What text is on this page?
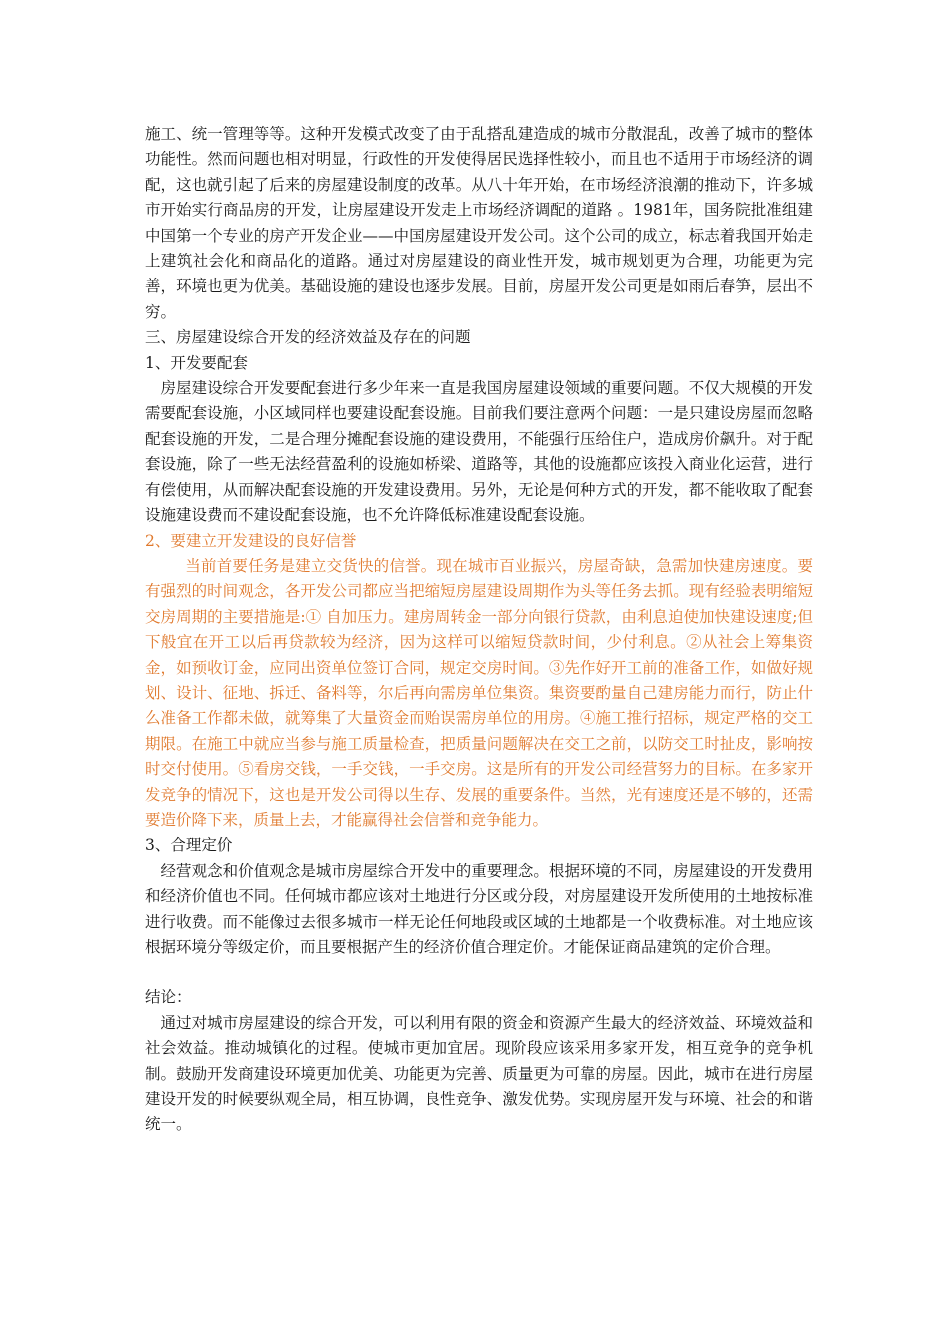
施工、统一管理等等。这种开发模式改变了由于乱搭乱建造成的城市分散混乱，改善了城市的整体功能性。然而问题也相对明显，行政性的开发使得居民选择性较小，而且也不适用于市场经济的调配，这也就引起了后来的房屋建设制度的改革。从八十年开始，在市场经济浪潮的推动下，许多城市开始实行商品房的开发，让房屋建设开发走上市场经济调配的道路 。1981年，国务院批准组建中国第一个专业的房产开发企业——中国房屋建设开发公司。这个公司的成立，标志着我国开始走上建筑社会化和商品化的道路。通过对房屋建设的商业性开发，城市规划更为合理，功能更为完善，环境也更为优美。基础设施的建设也逐步发展。目前，房屋开发公司更是如雨后春笋，层出不穷。

三、房屋建设综合开发的经济效益及存在的问题

1、开发要配套

房屋建设综合开发要配套进行多少年来一直是我国房屋建设领域的重要问题。不仅大规模的开发需要配套设施，小区域同样也要建设配套设施。目前我们要注意两个问题：一是只建设房屋而忽略配套设施的开发，二是合理分摊配套设施的建设费用，不能强行压给住户，造成房价飙升。对于配套设施，除了一些无法经营盈利的设施如桥梁、道路等，其他的设施都应该投入商业化运营，进行有偿使用，从而解决配套设施的开发建设费用。另外，无论是何种方式的开发，都不能收取了配套设施建设费而不建设配套设施，也不允许降低标准建设配套设施。

2、要建立开发建设的良好信誉

当前首要任务是建立交货快的信誉。现在城市百业振兴，房屋奇缺，急需加快建房速度。要有强烈的时间观念，各开发公司都应当把缩短房屋建设周期作为头等任务去抓。现有经验表明缩短交房周期的主要措施是:① 自加压力。建房周转金一部分向银行贷款，由利息迫使加快建设速度;但下般宜在开工以后再贷款较为经济，因为这样可以缩短贷款时间，少付利息。②从社会上筹集资金，如预收订金，应同出资单位签订合同，规定交房时间。③先作好开工前的准备工作，如做好规划、设计、征地、拆迁、备料等，尔后再向需房单位集资。集资要酌量自己建房能力而行，防止什么准备工作都未做，就筹集了大量资金而贻误需房单位的用房。④施工推行招标，规定严格的交工期限。在施工中就应当参与施工质量检查，把质量问题解决在交工之前，以防交工时扯皮，影响按时交付使用。⑤看房交钱，一手交钱，一手交房。这是所有的开发公司经营努力的目标。在多家开发竞争的情况下，这也是开发公司得以生存、发展的重要条件。当然，光有速度还是不够的，还需要造价降下来，质量上去，才能赢得社会信誉和竞争能力。

3、合理定价

经营观念和价值观念是城市房屋综合开发中的重要理念。根据环境的不同，房屋建设的开发费用和经济价值也不同。任何城市都应该对土地进行分区或分段，对房屋建设开发所使用的土地按标准进行收费。而不能像过去很多城市一样无论任何地段或区域的土地都是一个收费标准。对土地应该根据环境分等级定价，而且要根据产生的经济价值合理定价。才能保证商品建筑的定价合理。

结论：

通过对城市房屋建设的综合开发，可以利用有限的资金和资源产生最大的经济效益、环境效益和社会效益。推动城镇化的过程。使城市更加宜居。现阶段应该采用多家开发，相互竞争的竞争机制。鼓励开发商建设环境更加优美、功能更为完善、质量更为可靠的房屋。因此，城市在进行房屋建设开发的时候要纵观全局，相互协调，良性竞争、激发优势。实现房屋开发与环境、社会的和谐统一。
